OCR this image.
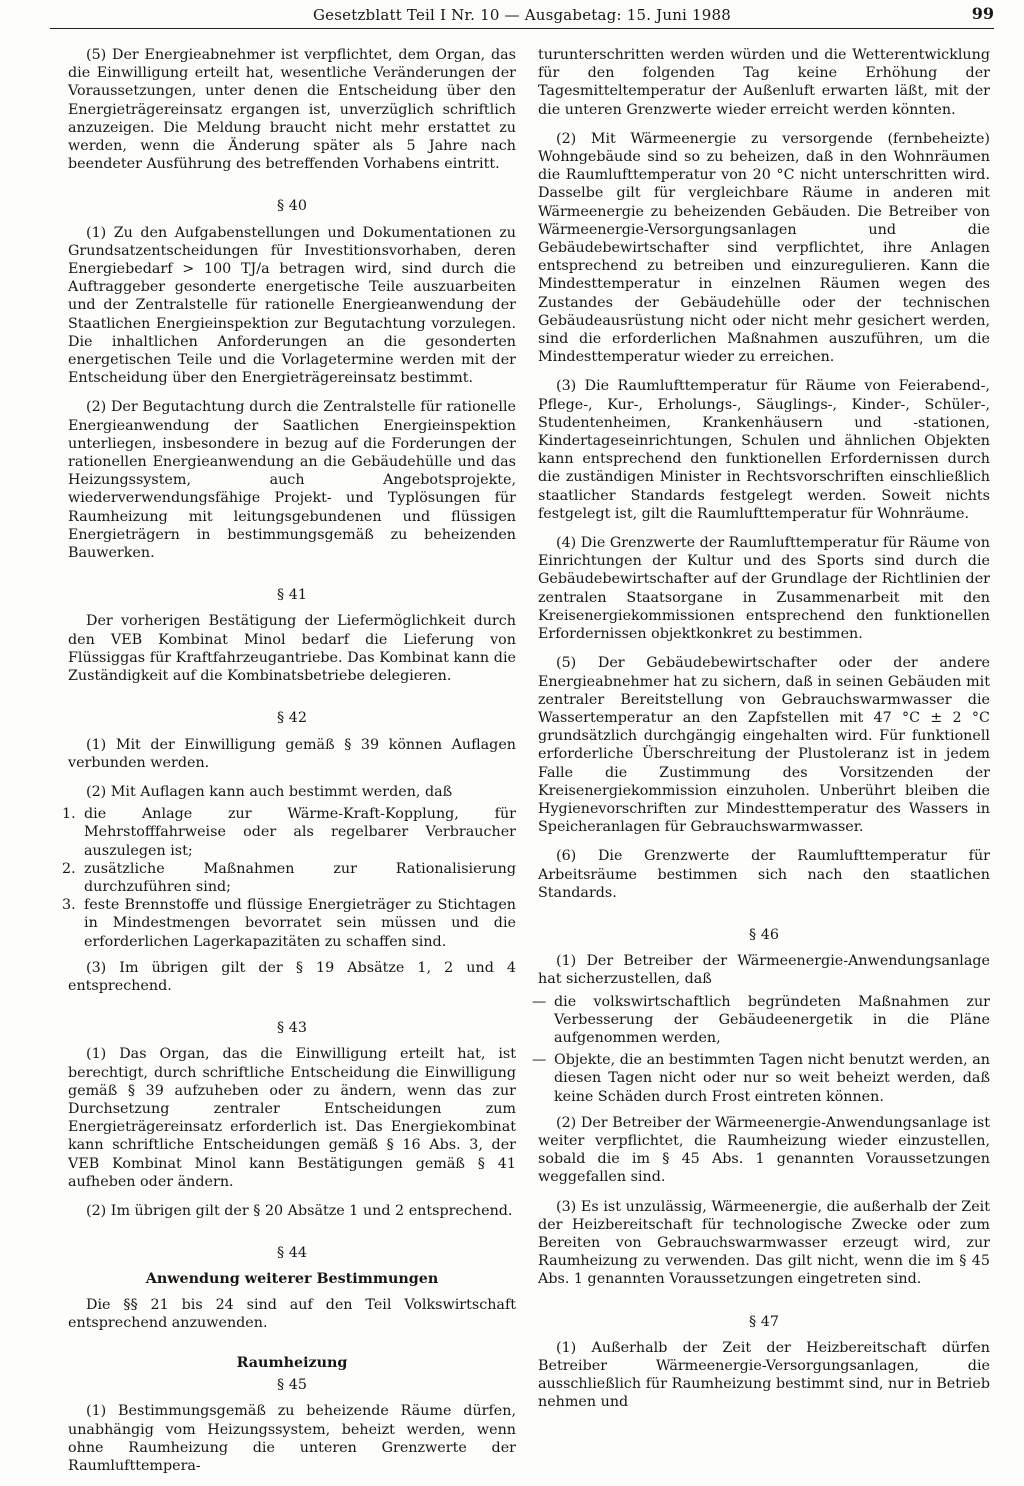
Gesetzblatt Teil I Nr. 10 — Ausgabetag: 15. Juni 1988	99

(5) Der Energieabnehmer ist verpflichtet, dem Organ, das die Einwilligung erteilt hat, wesentliche Veränderungen der Voraussetzungen, unter denen die Entscheidung über den Energieträgereinsatz ergangen ist, unverzüglich schriftlich anzuzeigen. Die Meldung braucht nicht mehr erstattet zu werden, wenn die Änderung später als 5 Jahre nach beendeter Ausführung des betreffenden Vorhabens eintritt.

§ 40

(1) Zu den Aufgabenstellungen und Dokumentationen zu Grundsatzentscheidungen für Investitionsvorhaben, deren Energiebedarf > 100 TJ/a betragen wird, sind durch die Auftraggeber gesonderte energetische Teile auszuarbeiten und der Zentralstelle für rationelle Energieanwendung der Staatlichen Energieinspektion zur Begutachtung vorzulegen. Die inhaltlichen Anforderungen an die gesonderten energetischen Teile und die Vorlagetermine werden mit der Entscheidung über den Energieträgereinsatz bestimmt.

(2) Der Begutachtung durch die Zentralstelle für rationelle Energieanwendung der Saatlichen Energieinspektion unterliegen, insbesondere in bezug auf die Forderungen der rationellen Energieanwendung an die Gebäudehülle und das Heizungssystem, auch Angebotsprojekte, wiederverwendungsfähige Projekt- und Typlösungen für Raumheizung mit leitungsgebundenen und flüssigen Energieträgern in bestimmungsgemäß zu beheizenden Bauwerken.

§ 41

Der vorherigen Bestätigung der Liefermöglichkeit durch den VEB Kombinat Minol bedarf die Lieferung von Flüssiggas für Kraftfahrzeugantriebe. Das Kombinat kann die Zuständigkeit auf die Kombinatsbetriebe delegieren.

§ 42

(1) Mit der Einwilligung gemäß § 39 können Auflagen verbunden werden.

(2) Mit Auflagen kann auch bestimmt werden, daß

1. die Anlage zur Wärme-Kraft-Kopplung, für Mehrstofffahrweise oder als regelbarer Verbraucher auszulegen ist;
2. zusätzliche Maßnahmen zur Rationalisierung durchzuführen sind;
3. feste Brennstoffe und flüssige Energieträger zu Stichtagen in Mindestmengen bevorratet sein müssen und die erforderlichen Lagerkapazitäten zu schaffen sind.

(3) Im übrigen gilt der § 19 Absätze 1, 2 und 4 entsprechend.

§ 43

(1) Das Organ, das die Einwilligung erteilt hat, ist berechtigt, durch schriftliche Entscheidung die Einwilligung gemäß § 39 aufzuheben oder zu ändern, wenn das zur Durchsetzung zentraler Entscheidungen zum Energieträgereinsatz erforderlich ist. Das Energiekombinat kann schriftliche Entscheidungen gemäß § 16 Abs. 3, der VEB Kombinat Minol kann Bestätigungen gemäß § 41 aufheben oder ändern.

(2) Im übrigen gilt der § 20 Absätze 1 und 2 entsprechend.

§ 44
Anwendung weiterer Bestimmungen

Die §§ 21 bis 24 sind auf den Teil Volkswirtschaft entsprechend anzuwenden.

Raumheizung
§ 45

(1) Bestimmungsgemäß zu beheizende Räume dürfen, unabhängig vom Heizungssystem, beheizt werden, wenn ohne Raumheizung die unteren Grenzwerte der Raumlufttempera-

turunterschritten werden würden und die Wetterentwicklung für den folgenden Tag keine Erhöhung der Tagesmitteltemperatur der Außenluft erwarten läßt, mit der die unteren Grenzwerte wieder erreicht werden könnten.

(2) Mit Wärmeenergie zu versorgende (fernbeheizte) Wohngebäude sind so zu beheizen, daß in den Wohnräumen die Raumlufttemperatur von 20 °C nicht unterschritten wird. Dasselbe gilt für vergleichbare Räume in anderen mit Wärmeenergie zu beheizenden Gebäuden. Die Betreiber von Wärmeenergie-Versorgungsanlagen und die Gebäudebewirtschafter sind verpflichtet, ihre Anlagen entsprechend zu betreiben und einzuregulieren. Kann die Mindesttemperatur in einzelnen Räumen wegen des Zustandes der Gebäudehülle oder der technischen Gebäudeausrüstung nicht oder nicht mehr gesichert werden, sind die erforderlichen Maßnahmen auszuführen, um die Mindesttemperatur wieder zu erreichen.

(3) Die Raumlufttemperatur für Räume von Feierabend-, Pflege-, Kur-, Erholungs-, Säuglings-, Kinder-, Schüler-, Studentenheimen, Krankenhäusern und -stationen, Kindertageseinrichtungen, Schulen und ähnlichen Objekten kann entsprechend den funktionellen Erfordernissen durch die zuständigen Minister in Rechtsvorschriften einschließlich staatlicher Standards festgelegt werden. Soweit nichts festgelegt ist, gilt die Raumlufttemperatur für Wohnräume.

(4) Die Grenzwerte der Raumlufttemperatur für Räume von Einrichtungen der Kultur und des Sports sind durch die Gebäudebewirtschafter auf der Grundlage der Richtlinien der zentralen Staatsorgane in Zusammenarbeit mit den Kreisenergiekommissionen entsprechend den funktionellen Erfordernissen objektkonkret zu bestimmen.

(5) Der Gebäudebewirtschafter oder der andere Energieabnehmer hat zu sichern, daß in seinen Gebäuden mit zentraler Bereitstellung von Gebrauchswarmwasser die Wassertemperatur an den Zapfstellen mit 47 °C ± 2 °C grundsätzlich durchgängig eingehalten wird. Für funktionell erforderliche Überschreitung der Plustoleranz ist in jedem Falle die Zustimmung des Vorsitzenden der Kreisenergiekommission einzuholen. Unberührt bleiben die Hygienevorschriften zur Mindesttemperatur des Wassers in Speicheranlagen für Gebrauchswarmwasser.

(6) Die Grenzwerte der Raumlufttemperatur für Arbeitsräume bestimmen sich nach den staatlichen Standards.

§ 46

(1) Der Betreiber der Wärmeenergie-Anwendungsanlage hat sicherzustellen, daß

— die volkswirtschaftlich begründeten Maßnahmen zur Verbesserung der Gebäudeenergetik in die Pläne aufgenommen werden,
— Objekte, die an bestimmten Tagen nicht benutzt werden, an diesen Tagen nicht oder nur so weit beheizt werden, daß keine Schäden durch Frost eintreten können.

(2) Der Betreiber der Wärmeenergie-Anwendungsanlage ist weiter verpflichtet, die Raumheizung wieder einzustellen, sobald die im § 45 Abs. 1 genannten Voraussetzungen weggefallen sind.

(3) Es ist unzulässig, Wärmeenergie, die außerhalb der Zeit der Heizbereitschaft für technologische Zwecke oder zum Bereiten von Gebrauchswarmwasser erzeugt wird, zur Raumheizung zu verwenden. Das gilt nicht, wenn die im § 45 Abs. 1 genannten Voraussetzungen eingetreten sind.

§ 47

(1) Außerhalb der Zeit der Heizbereitschaft dürfen Betreiber Wärmeenergie-Versorgungsanlagen, die ausschließlich für Raumheizung bestimmt sind, nur in Betrieb nehmen und
